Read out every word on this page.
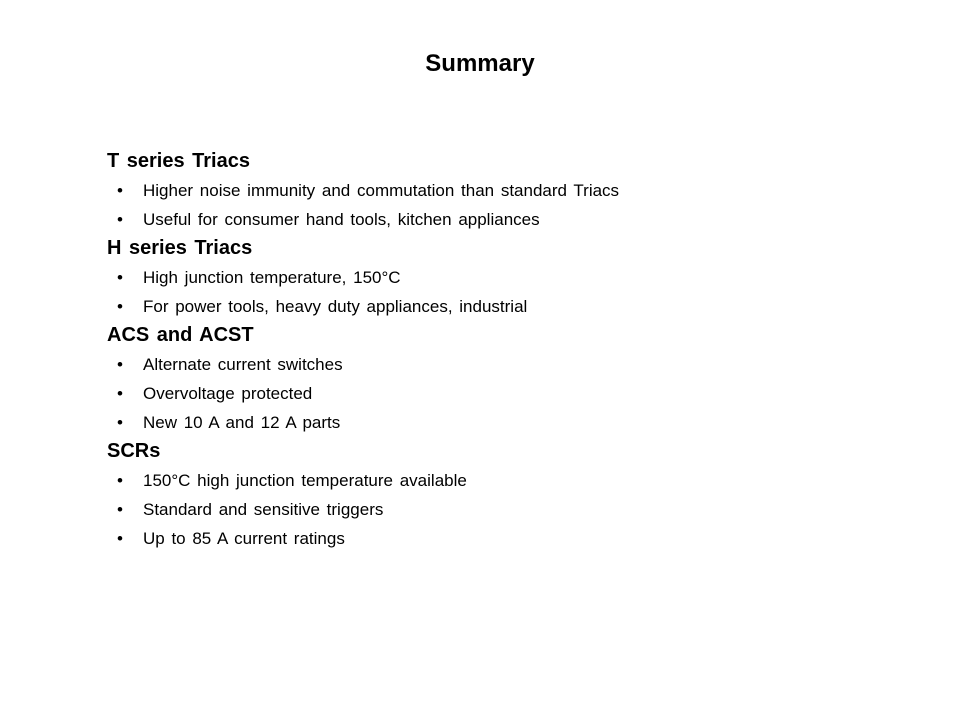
Summary
T series Triacs
• Higher noise immunity and commutation than standard Triacs
• Useful for consumer hand tools, kitchen appliances
H series Triacs
• High junction temperature, 150°C
• For power tools, heavy duty appliances, industrial
ACS and ACST
• Alternate current switches
• Overvoltage protected
• New 10 A and 12 A parts
SCRs
• 150°C high junction temperature available
• Standard and sensitive triggers
• Up to 85 A current ratings
